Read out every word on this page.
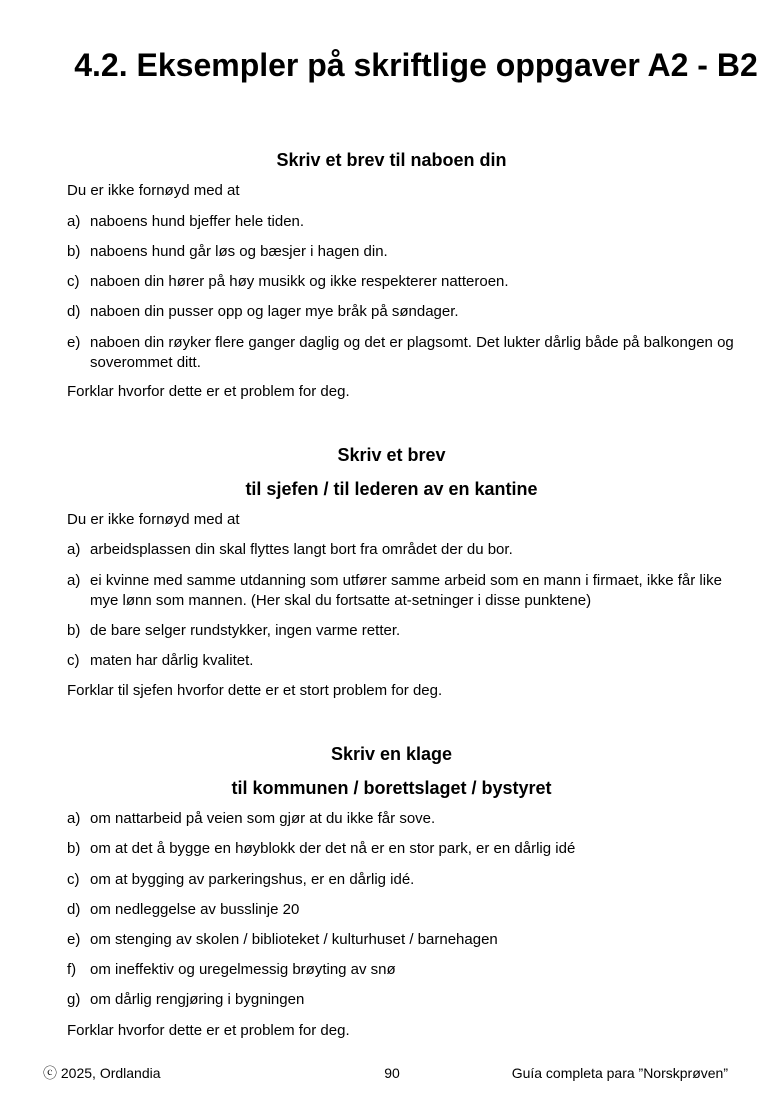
4.2. Eksempler på skriftlige oppgaver A2 - B2
Skriv et brev til naboen din

Du er ikke fornøyd med at

a) naboens hund bjeffer hele tiden.
b) naboens hund går løs og bæsjer i hagen din.
c) naboen din hører på høy musikk og ikke respekterer natteroen.
d) naboen din pusser opp og lager mye bråk på søndager.
e) naboen din røyker flere ganger daglig og det er plagsomt. Det lukter dårlig både på balkongen og soverommet ditt.

Forklar hvorfor dette er et problem for deg.

Skriv et brev
til sjefen / til lederen av en kantine

Du er ikke fornøyd med at

a) arbeidsplassen din skal flyttes langt bort fra området der du bor.
a) ei kvinne med samme utdanning som utfører samme arbeid som en mann i firmaet, ikke får like mye lønn som mannen. (Her skal du fortsatte at-setninger i disse punktene)
b) de bare selger rundstykker, ingen varme retter.
c) maten har dårlig kvalitet.

Forklar til sjefen hvorfor dette er et stort problem for deg.

Skriv en klage
til kommunen / borettslaget / bystyret
a) om nattarbeid på veien som gjør at du ikke får sove.
b) om at det å bygge en høyblokk der det nå er en stor park, er en dårlig idé
c) om at bygging av parkeringshus, er en dårlig idé.
d) om nedleggelse av busslinje 20
e) om stenging av skolen / biblioteket / kulturhuset / barnehagen
f) om ineffektiv og uregelmessig brøyting av snø
g) om dårlig rengjøring i bygningen

Forklar hvorfor dette er et problem for deg.

ⓒ 2025, Ordlandia	90	Guía completa para ”Norskprøven”
